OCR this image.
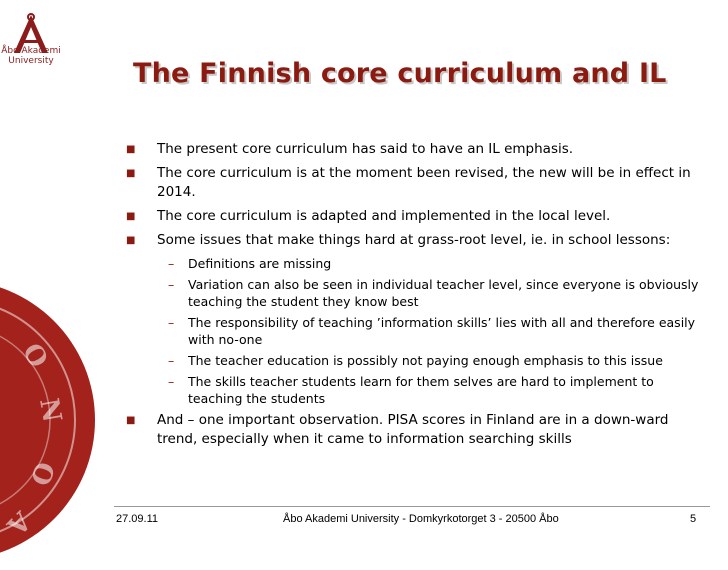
Åbo Akademi
University
O
N
O
A
The Finnish core curriculum and IL
■ The present core curriculum has said to have an IL emphasis.
■ The core curriculum is at the moment been revised, the new will be in effect in 2014.
■ The core curriculum is adapted and implemented in the local level.
■ Some issues that make things hard at grass-root level, ie. in school lessons:
– Definitions are missing
– Variation can also be seen in individual teacher level, since everyone is obviously teaching the student they know best
– The responsibility of teaching ’information skills’ lies with all and therefore easily with no-one
– The teacher education is possibly not paying enough emphasis to this issue
– The skills teacher students learn for them selves are hard to implement to teaching the students
■ And – one important observation. PISA scores in Finland are in a down-ward trend, especially when it came to information searching skills
27.09.11	Åbo Akademi University - Domkyrkotorget 3 - 20500 Åbo	5
